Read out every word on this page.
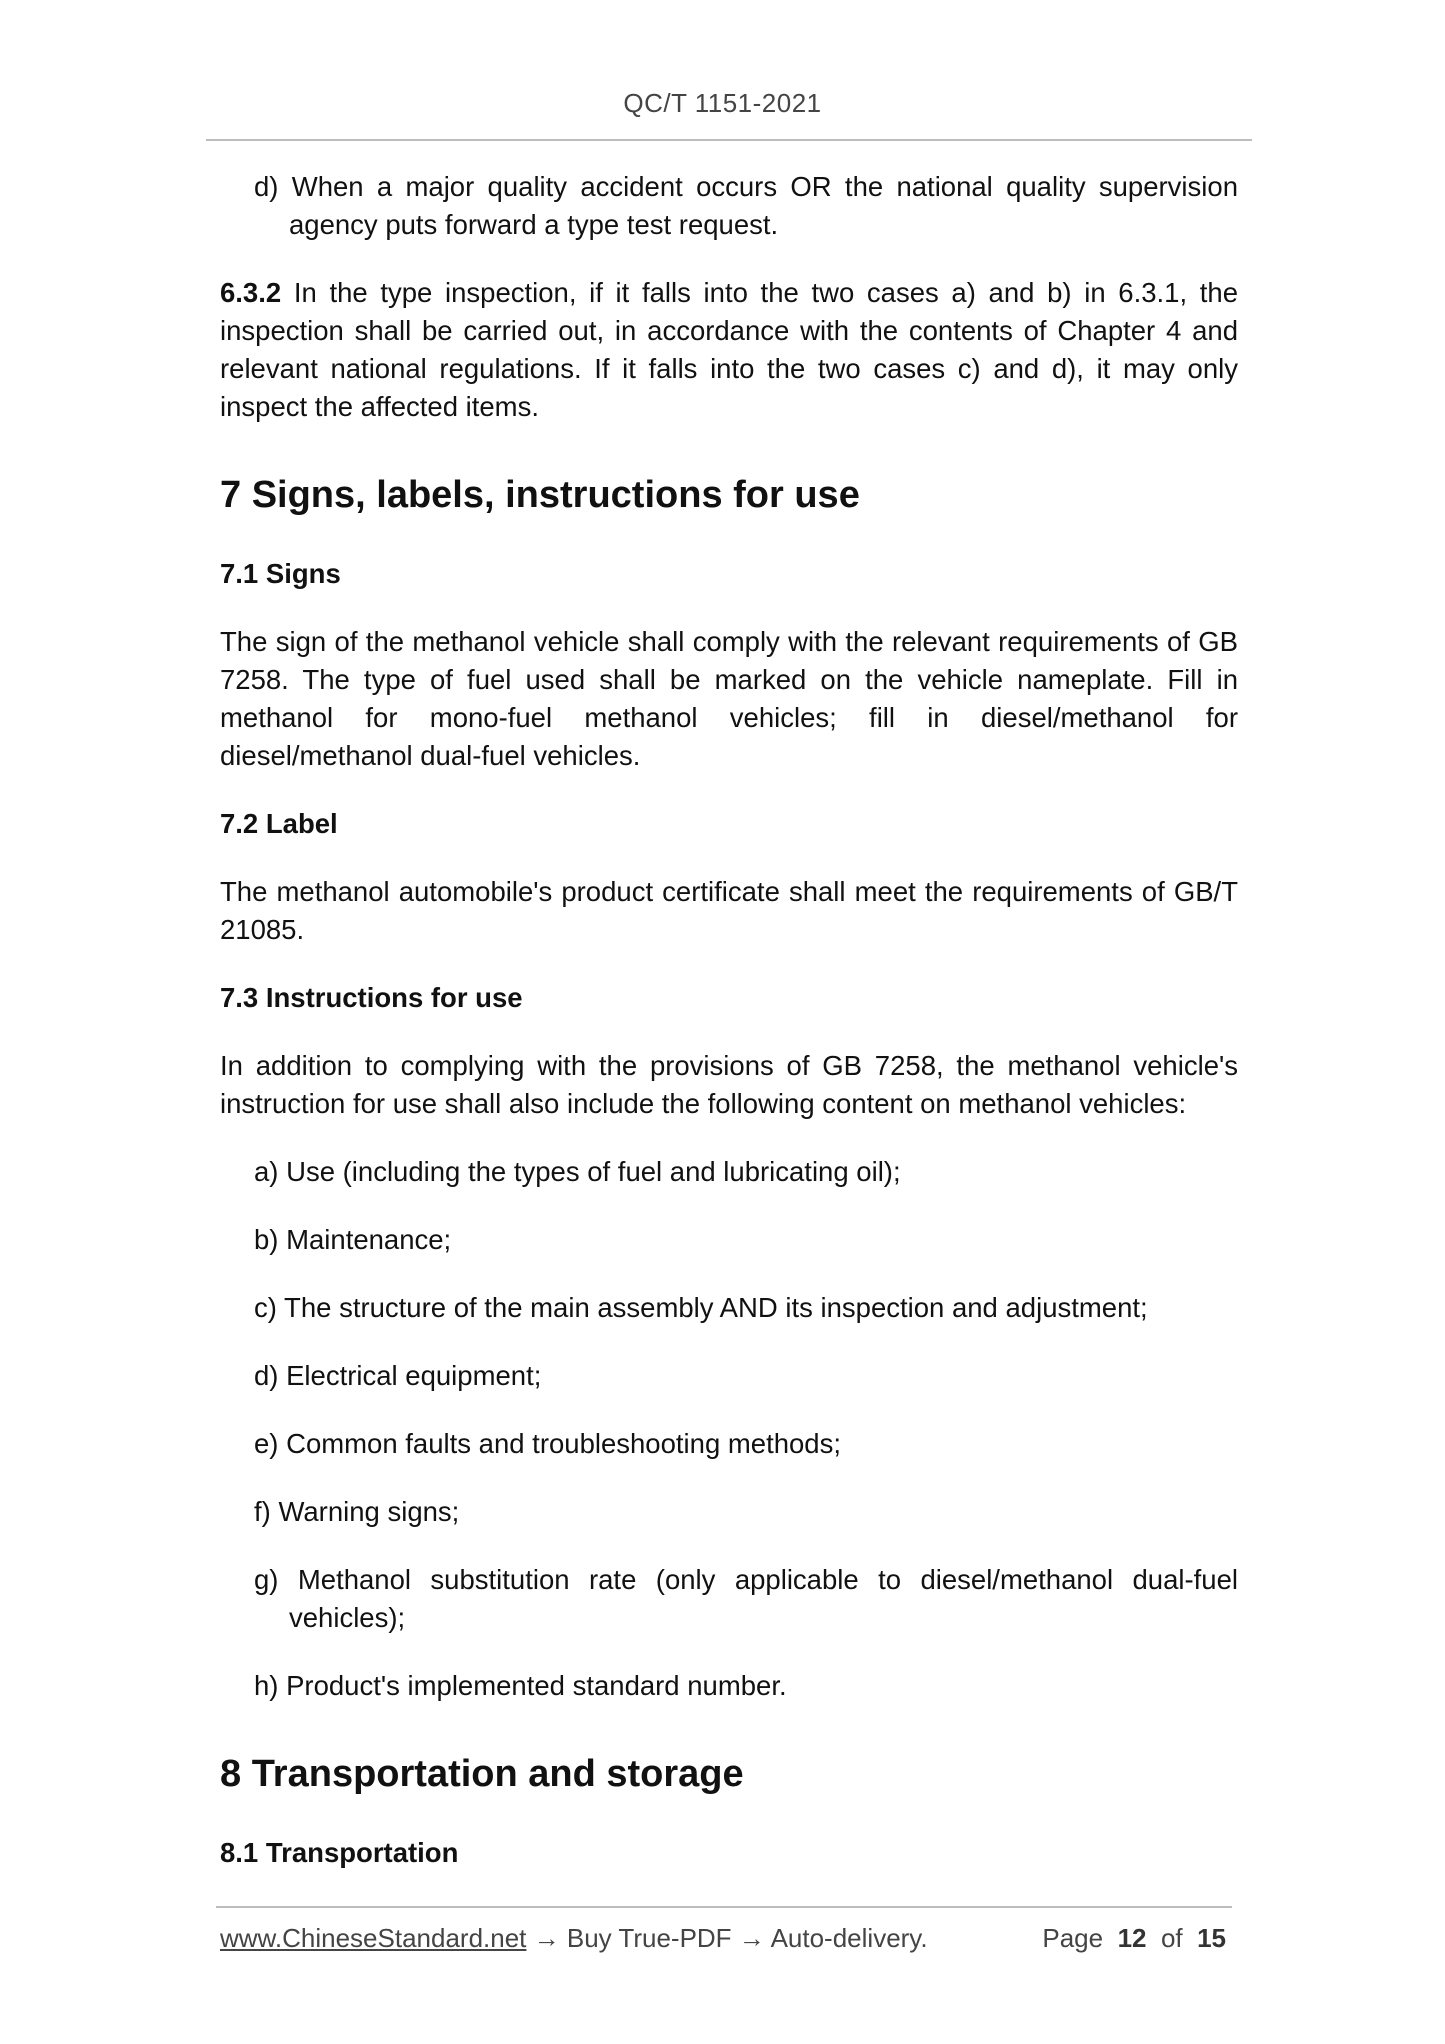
QC/T 1151-2021

d) When a major quality accident occurs OR the national quality supervision agency puts forward a type test request.

6.3.2 In the type inspection, if it falls into the two cases a) and b) in 6.3.1, the inspection shall be carried out, in accordance with the contents of Chapter 4 and relevant national regulations. If it falls into the two cases c) and d), it may only inspect the affected items.

7 Signs, labels, instructions for use
7.1 Signs

The sign of the methanol vehicle shall comply with the relevant requirements of GB 7258. The type of fuel used shall be marked on the vehicle nameplate. Fill in methanol for mono-fuel methanol vehicles; fill in diesel/methanol for diesel/methanol dual-fuel vehicles.

7.2 Label

The methanol automobile's product certificate shall meet the requirements of GB/T 21085.

7.3 Instructions for use

In addition to complying with the provisions of GB 7258, the methanol vehicle's instruction for use shall also include the following content on methanol vehicles:

a) Use (including the types of fuel and lubricating oil);

b) Maintenance;

c) The structure of the main assembly AND its inspection and adjustment;

d) Electrical equipment;

e) Common faults and troubleshooting methods;

f) Warning signs;

g) Methanol substitution rate (only applicable to diesel/methanol dual-fuel vehicles);

h) Product's implemented standard number.

8 Transportation and storage
8.1 Transportation
www.ChineseStandard.net → Buy True-PDF → Auto-delivery.	Page 12 of 15
